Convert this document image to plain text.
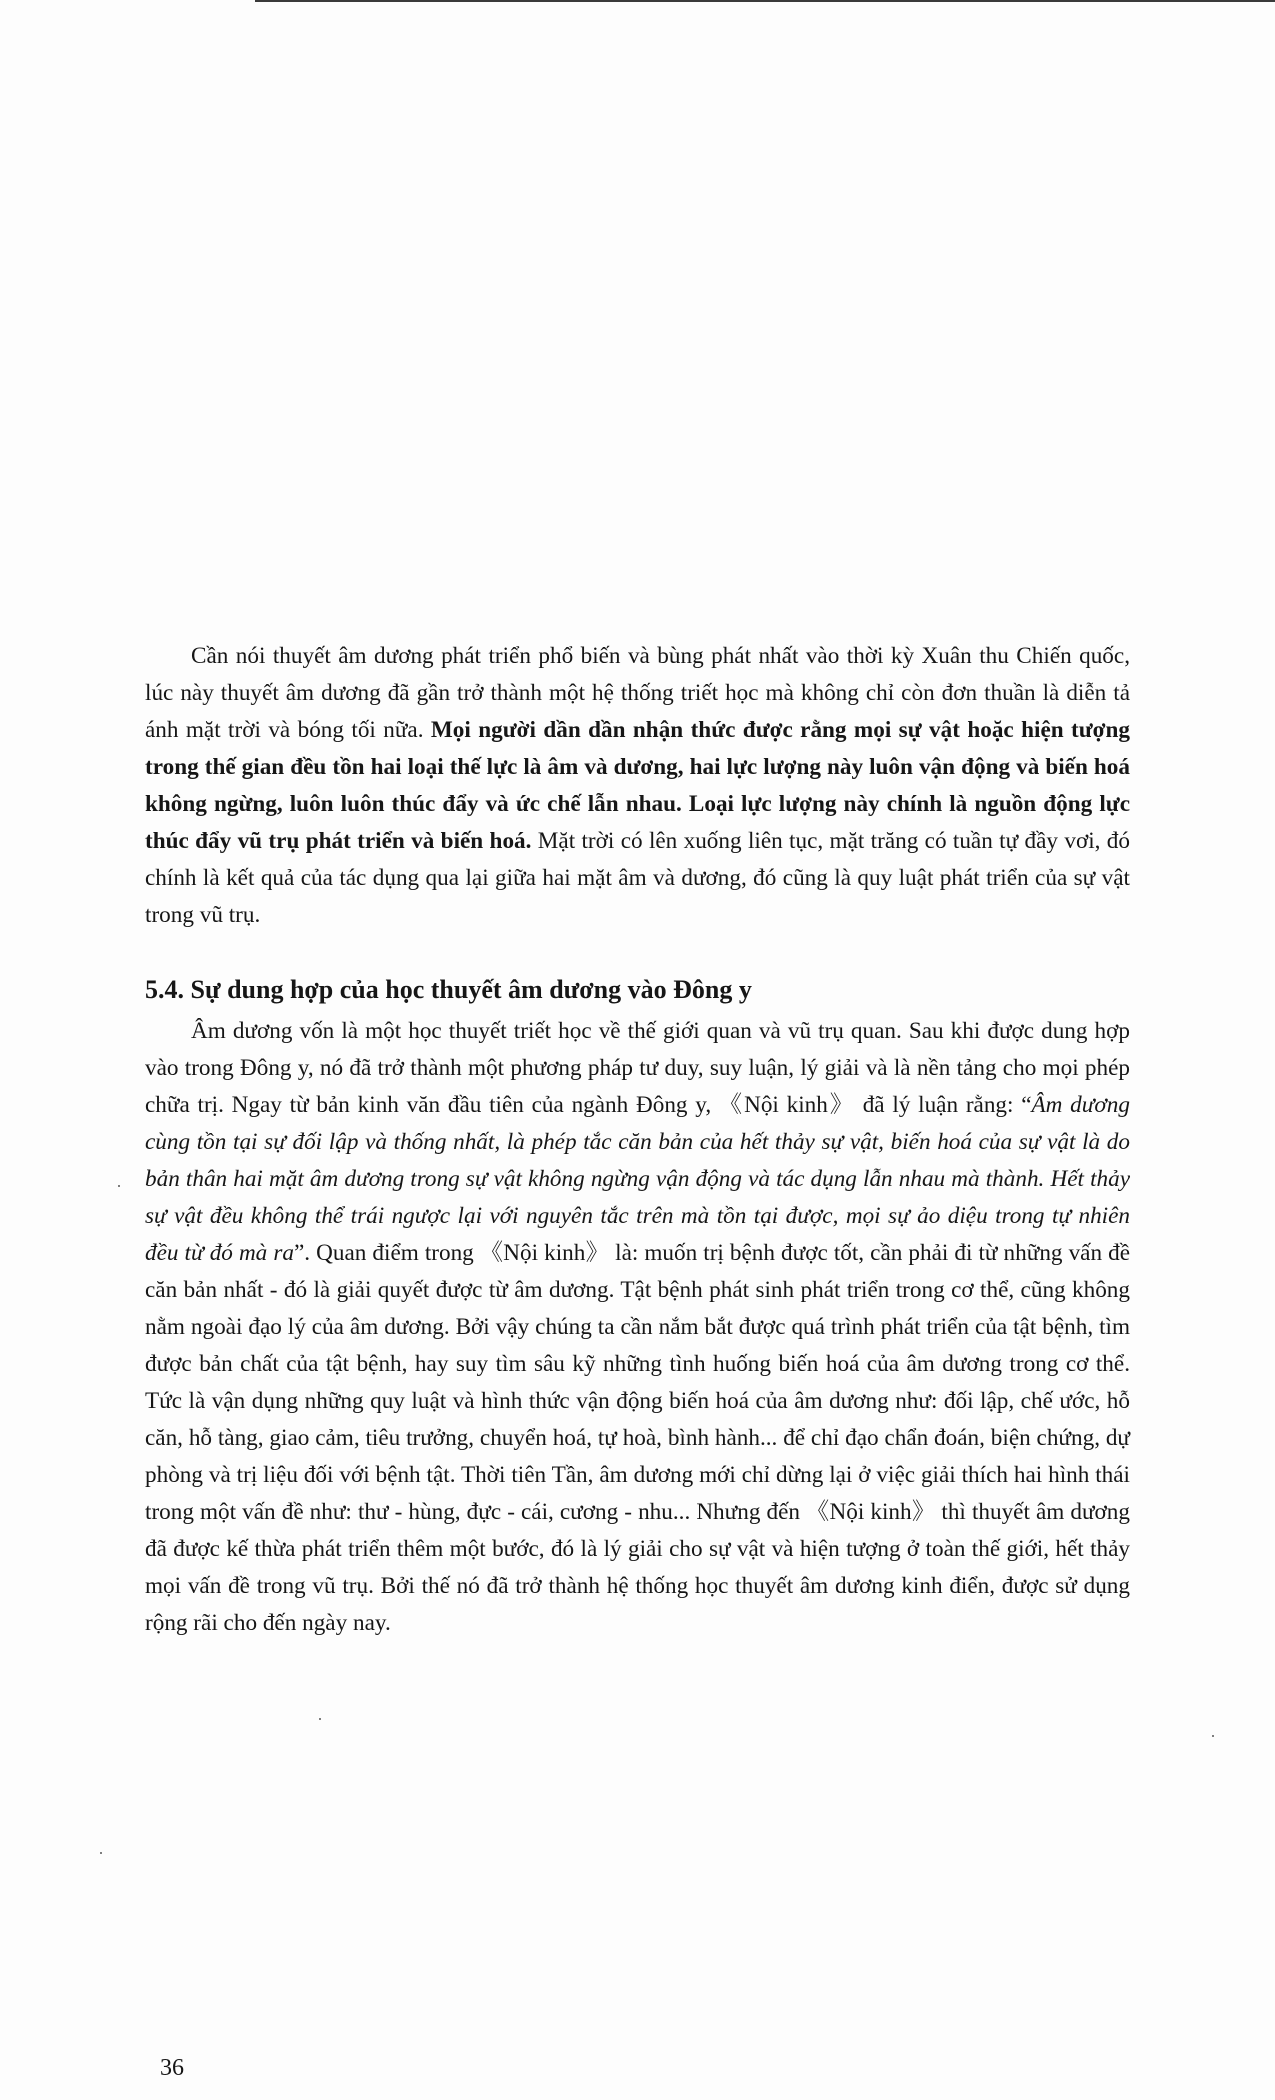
Cần nói thuyết âm dương phát triển phổ biến và bùng phát nhất vào thời kỳ Xuân thu Chiến quốc, lúc này thuyết âm dương đã gần trở thành một hệ thống triết học mà không chỉ còn đơn thuần là diễn tả ánh mặt trời và bóng tối nữa. Mọi người dần dần nhận thức được rằng mọi sự vật hoặc hiện tượng trong thế gian đều tồn hai loại thế lực là âm và dương, hai lực lượng này luôn vận động và biến hoá không ngừng, luôn luôn thúc đẩy và ức chế lẫn nhau. Loại lực lượng này chính là nguồn động lực thúc đẩy vũ trụ phát triển và biến hoá. Mặt trời có lên xuống liên tục, mặt trăng có tuần tự đầy vơi, đó chính là kết quả của tác dụng qua lại giữa hai mặt âm và dương, đó cũng là quy luật phát triển của sự vật trong vũ trụ.

5.4. Sự dung hợp của học thuyết âm dương vào Đông y

Âm dương vốn là một học thuyết triết học về thế giới quan và vũ trụ quan. Sau khi được dung hợp vào trong Đông y, nó đã trở thành một phương pháp tư duy, suy luận, lý giải và là nền tảng cho mọi phép chữa trị. Ngay từ bản kinh văn đầu tiên của ngành Đông y, 《Nội kinh》 đã lý luận rằng: “Âm dương cùng tồn tại sự đối lập và thống nhất, là phép tắc căn bản của hết thảy sự vật, biến hoá của sự vật là do bản thân hai mặt âm dương trong sự vật không ngừng vận động và tác dụng lẫn nhau mà thành. Hết thảy sự vật đều không thể trái ngược lại với nguyên tắc trên mà tồn tại được, mọi sự ảo diệu trong tự nhiên đều từ đó mà ra”. Quan điểm trong 《Nội kinh》 là: muốn trị bệnh được tốt, cần phải đi từ những vấn đề căn bản nhất - đó là giải quyết được từ âm dương. Tật bệnh phát sinh phát triển trong cơ thể, cũng không nằm ngoài đạo lý của âm dương. Bởi vậy chúng ta cần nắm bắt được quá trình phát triển của tật bệnh, tìm được bản chất của tật bệnh, hay suy tìm sâu kỹ những tình huống biến hoá của âm dương trong cơ thể. Tức là vận dụng những quy luật và hình thức vận động biến hoá của âm dương như: đối lập, chế ước, hỗ căn, hỗ tàng, giao cảm, tiêu trưởng, chuyển hoá, tự hoà, bình hành... để chỉ đạo chẩn đoán, biện chứng, dự phòng và trị liệu đối với bệnh tật. Thời tiên Tần, âm dương mới chỉ dừng lại ở việc giải thích hai hình thái trong một vấn đề như: thư - hùng, đực - cái, cương - nhu... Nhưng đến 《Nội kinh》 thì thuyết âm dương đã được kế thừa phát triển thêm một bước, đó là lý giải cho sự vật và hiện tượng ở toàn thế giới, hết thảy mọi vấn đề trong vũ trụ. Bởi thế nó đã trở thành hệ thống học thuyết âm dương kinh điển, được sử dụng rộng rãi cho đến ngày nay.

36
